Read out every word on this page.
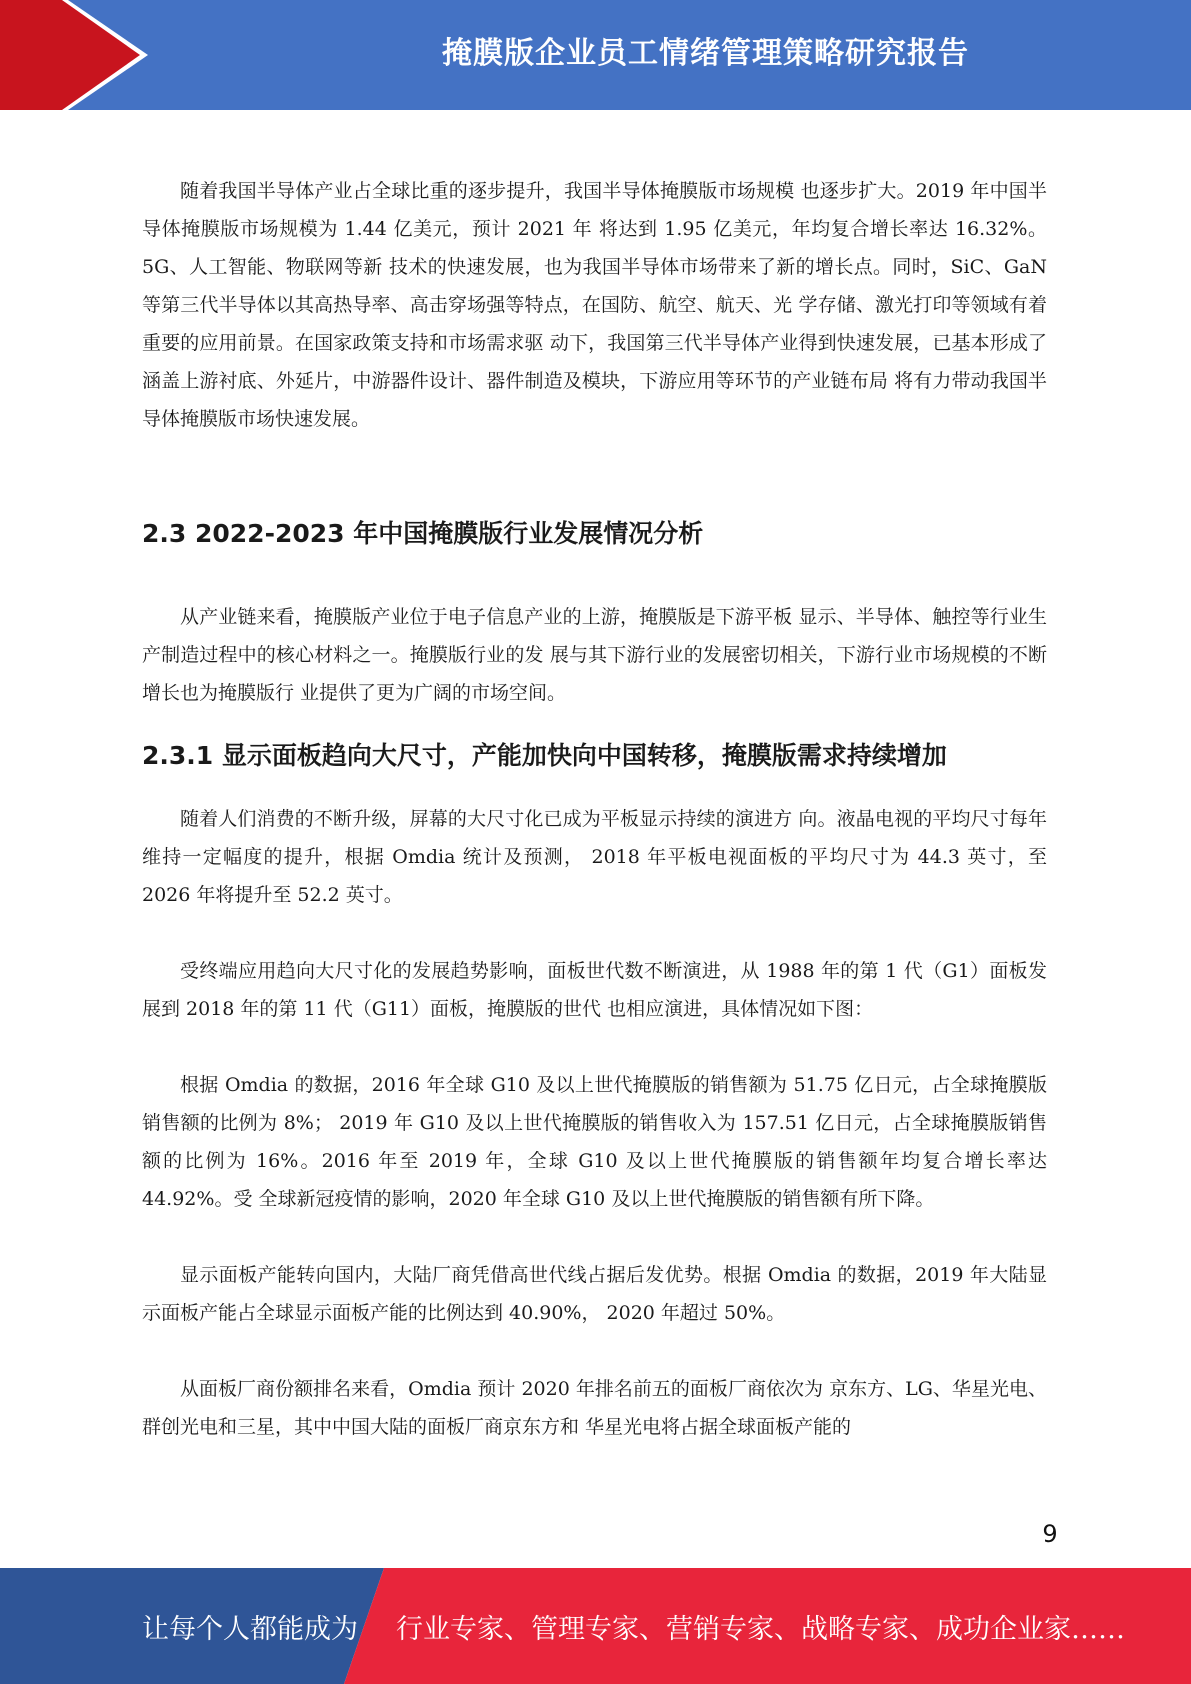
掩膜版企业员工情绪管理策略研究报告

随着我国半导体产业占全球比重的逐步提升，我国半导体掩膜版市场规模 也逐步扩大。2019 年中国半导体掩膜版市场规模为 1.44 亿美元，预计 2021 年 将达到 1.95 亿美元，年均复合增长率达 16.32%。5G、人工智能、物联网等新 技术的快速发展，也为我国半导体市场带来了新的增长点。同时，SiC、GaN 等第三代半导体以其高热导率、高击穿场强等特点，在国防、航空、航天、光 学存储、激光打印等领域有着重要的应用前景。在国家政策支持和市场需求驱 动下，我国第三代半导体产业得到快速发展，已基本形成了涵盖上游衬底、外延片，中游器件设计、器件制造及模块，下游应用等环节的产业链布局 将有力带动我国半导体掩膜版市场快速发展。

2.3 2022-2023 年中国掩膜版行业发展情况分析

从产业链来看，掩膜版产业位于电子信息产业的上游，掩膜版是下游平板 显示、半导体、触控等行业生产制造过程中的核心材料之一。掩膜版行业的发 展与其下游行业的发展密切相关，下游行业市场规模的不断增长也为掩膜版行 业提供了更为广阔的市场空间。

2.3.1 显示面板趋向大尺寸，产能加快向中国转移，掩膜版需求持续增加

随着人们消费的不断升级，屏幕的大尺寸化已成为平板显示持续的演进方 向。液晶电视的平均尺寸每年维持一定幅度的提升，根据 Omdia 统计及预测， 2018 年平板电视面板的平均尺寸为 44.3 英寸，至 2026 年将提升至 52.2 英寸。

受终端应用趋向大尺寸化的发展趋势影响，面板世代数不断演进，从 1988 年的第 1 代（G1）面板发展到 2018 年的第 11 代（G11）面板，掩膜版的世代 也相应演进，具体情况如下图：

根据 Omdia 的数据，2016 年全球 G10 及以上世代掩膜版的销售额为 51.75 亿日元，占全球掩膜版销售额的比例为 8%； 2019 年 G10 及以上世代掩膜版的销售收入为 157.51 亿日元，占全球掩膜版销售额的比例为 16%。2016 年至 2019 年，全球 G10 及以上世代掩膜版的销售额年均复合增长率达 44.92%。受 全球新冠疫情的影响，2020 年全球 G10 及以上世代掩膜版的销售额有所下降。

显示面板产能转向国内，大陆厂商凭借高世代线占据后发优势。根据 Omdia 的数据，2019 年大陆显示面板产能占全球显示面板产能的比例达到 40.90%， 2020 年超过 50%。

从面板厂商份额排名来看，Omdia 预计 2020 年排名前五的面板厂商依次为 京东方、LG、华星光电、群创光电和三星，其中中国大陆的面板厂商京东方和 华星光电将占据全球面板产能的

9
让每个人都能成为 行业专家、管理专家、营销专家、战略专家、成功企业家……
